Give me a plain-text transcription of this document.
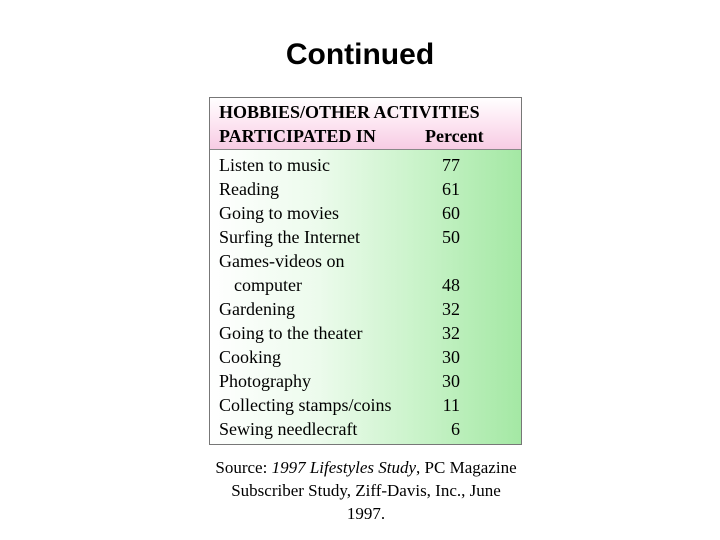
Continued
HOBBIES/OTHER ACTIVITIES
PARTICIPATED IN	Percent
Listen to music	77
Reading	61
Going to movies	60
Surfing the Internet	50
Games-videos on
computer	48
Gardening	32
Going to the theater	32
Cooking	30
Photography	30
Collecting stamps/coins	11
Sewing needlecraft	6
Source: 1997 Lifestyles Study, PC Magazine Subscriber Study, Ziff-Davis, Inc., June 1997.
